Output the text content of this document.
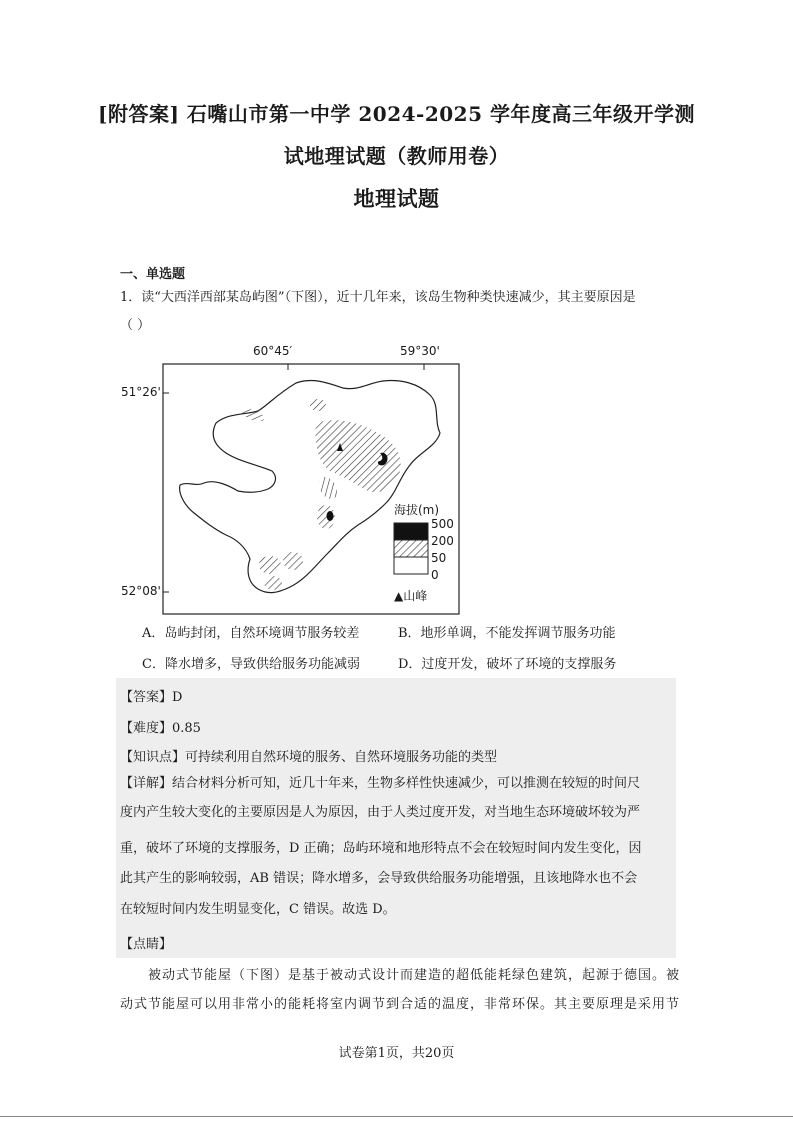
[附答案] 石嘴山市第一中学 2024-2025 学年度高三年级开学测
试地理试题（教师用卷）
地理试题
一、单选题
1．读“大西洋西部某岛屿图”（下图），近十几年来，该岛生物种类快速减少，其主要原因是
（ ）
60°45′	59°30'
51°26'
52°08'
海拔(m)
500
200
50
0
▲山峰
A．岛屿封闭，自然环境调节服务较差	B．地形单调，不能发挥调节服务功能
C．降水增多，导致供给服务功能减弱	D．过度开发，破坏了环境的支撑服务
【答案】D
【难度】0.85
【知识点】可持续利用自然环境的服务、自然环境服务功能的类型
【详解】结合材料分析可知，近几十年来，生物多样性快速减少，可以推测在较短的时间尺
度内产生较大变化的主要原因是人为原因，由于人类过度开发，对当地生态环境破坏较为严
重，破坏了环境的支撑服务，D 正确；岛屿环境和地形特点不会在较短时间内发生变化，因
此其产生的影响较弱，AB 错误；降水增多，会导致供给服务功能增强，且该地降水也不会
在较短时间内发生明显变化，C 错误。故选 D。
【点睛】
被动式节能屋（下图）是基于被动式设计而建造的超低能耗绿色建筑，起源于德国。被
动式节能屋可以用非常小的能耗将室内调节到合适的温度，非常环保。其主要原理是采用节
试卷第1页，共20页
